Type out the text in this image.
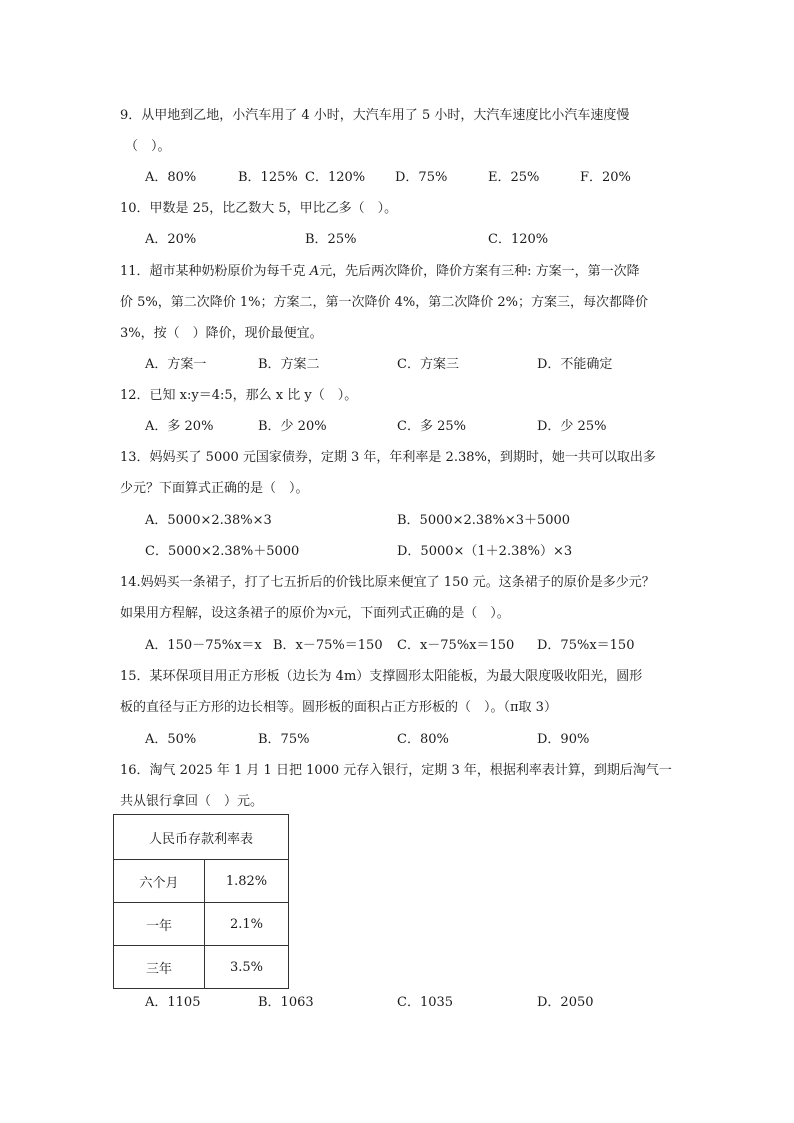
9．从甲地到乙地，小汽车用了 4 小时，大汽车用了 5 小时，大汽车速度比小汽车速度慢
（　）。
A．80%	B．125% C．120% D．75%	E．25%	F．20%
10．甲数是 25，比乙数大 5，甲比乙多（　）。
A．20%	B．25%	C．120%
11．超市某种奶粉原价为每千克 A元，先后两次降价，降价方案有三种: 方案一，第一次降
价 5%，第二次降价 1%；方案二，第一次降价 4%，第二次降价 2%；方案三，每次都降价
3%，按（　）降价，现价最便宜。
A．方案一	B．方案二	C．方案三	D．不能确定
12．已知 x:y＝4:5，那么 x 比 y（　）。
A．多 20%	B．少 20%	C．多 25%	D．少 25%
13．妈妈买了 5000 元国家债券，定期 3 年，年利率是 2.38%，到期时，她一共可以取出多
少元？下面算式正确的是（　）。
A．5000×2.38%×3	B．5000×2.38%×3＋5000
C．5000×2.38%＋5000	D．5000×（1＋2.38%）×3
14.妈妈买一条裙子，打了七五折后的价钱比原来便宜了 150 元。这条裙子的原价是多少元？
如果用方程解，设这条裙子的原价为x元，下面列式正确的是（　）。
A．150－75%x＝x B．x－75%＝150 C．x－75%x＝150 D．75%x＝150
15．某环保项目用正方形板（边长为 4m）支撑圆形太阳能板，为最大限度吸收阳光，圆形
板的直径与正方形的边长相等。圆形板的面积占正方形板的（　）。（π取 3）
A．50%	B．75%	C．80%	D．90%
16．淘气 2025 年 1 月 1 日把 1000 元存入银行，定期 3 年，根据利率表计算，到期后淘气一
共从银行拿回（　）元。
人民币存款利率表	
六个月	1.82%
一年	2.1%
三年	3.5%
A．1105	B．1063	C．1035	D．2050
